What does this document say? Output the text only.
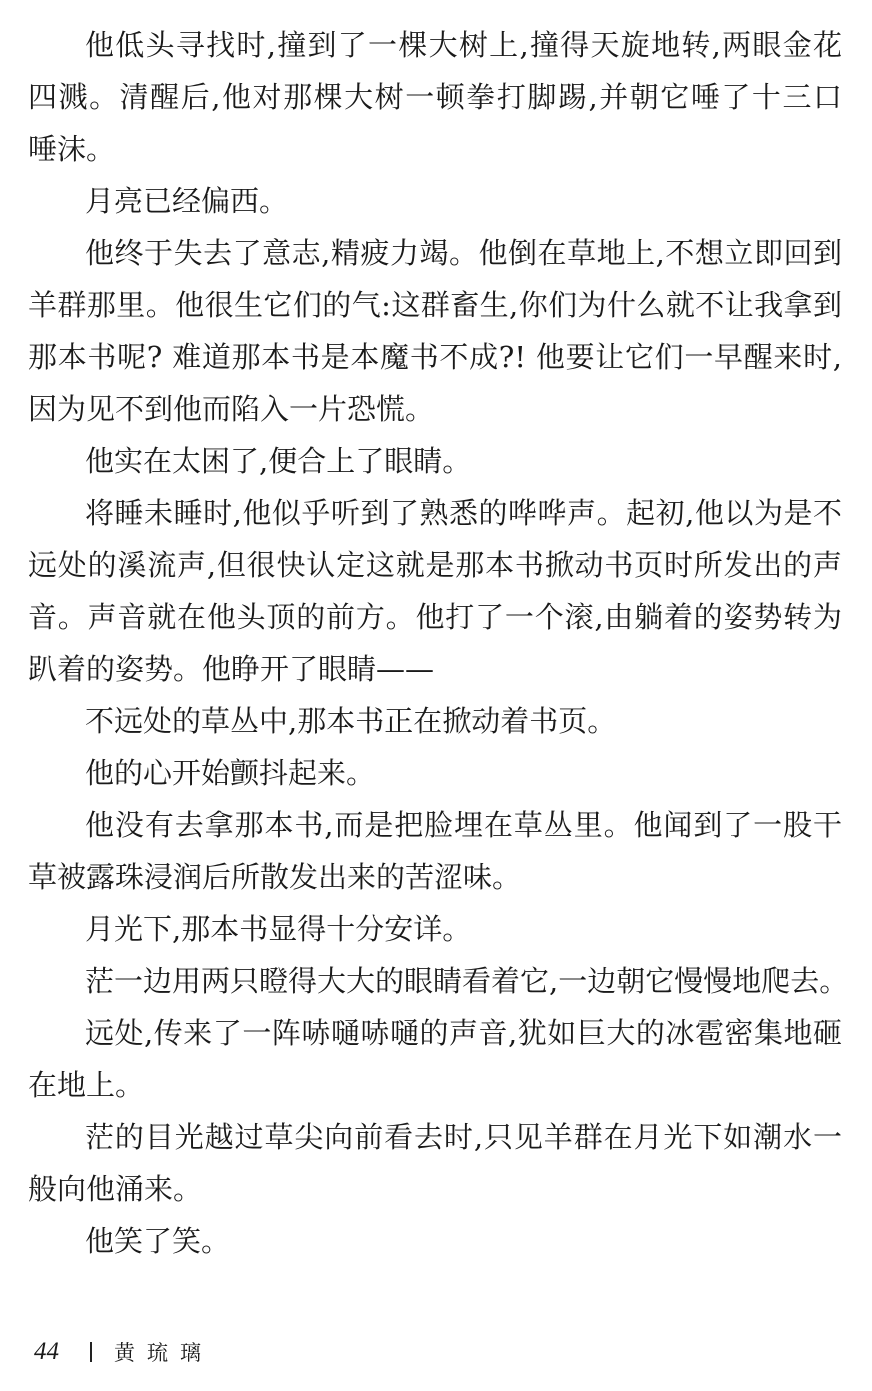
他低头寻找时,撞到了一棵大树上,撞得天旋地转,两眼金花
四溅。清醒后,他对那棵大树一顿拳打脚踢,并朝它唾了十三口
唾沫。
月亮已经偏西。
他终于失去了意志,精疲力竭。他倒在草地上,不想立即回到
羊群那里。他很生它们的气:这群畜生,你们为什么就不让我拿到
那本书呢? 难道那本书是本魔书不成?! 他要让它们一早醒来时,
因为见不到他而陷入一片恐慌。
他实在太困了,便合上了眼睛。
将睡未睡时,他似乎听到了熟悉的哗哗声。起初,他以为是不
远处的溪流声,但很快认定这就是那本书掀动书页时所发出的声
音。声音就在他头顶的前方。他打了一个滚,由躺着的姿势转为
趴着的姿势。他睁开了眼睛——
不远处的草丛中,那本书正在掀动着书页。
他的心开始颤抖起来。
他没有去拿那本书,而是把脸埋在草丛里。他闻到了一股干
草被露珠浸润后所散发出来的苦涩味。
月光下,那本书显得十分安详。
茫一边用两只瞪得大大的眼睛看着它,一边朝它慢慢地爬去。
远处,传来了一阵哧嗵哧嗵的声音,犹如巨大的冰雹密集地砸
在地上。
茫的目光越过草尖向前看去时,只见羊群在月光下如潮水一
般向他涌来。
他笑了笑。
44	黄琉璃
